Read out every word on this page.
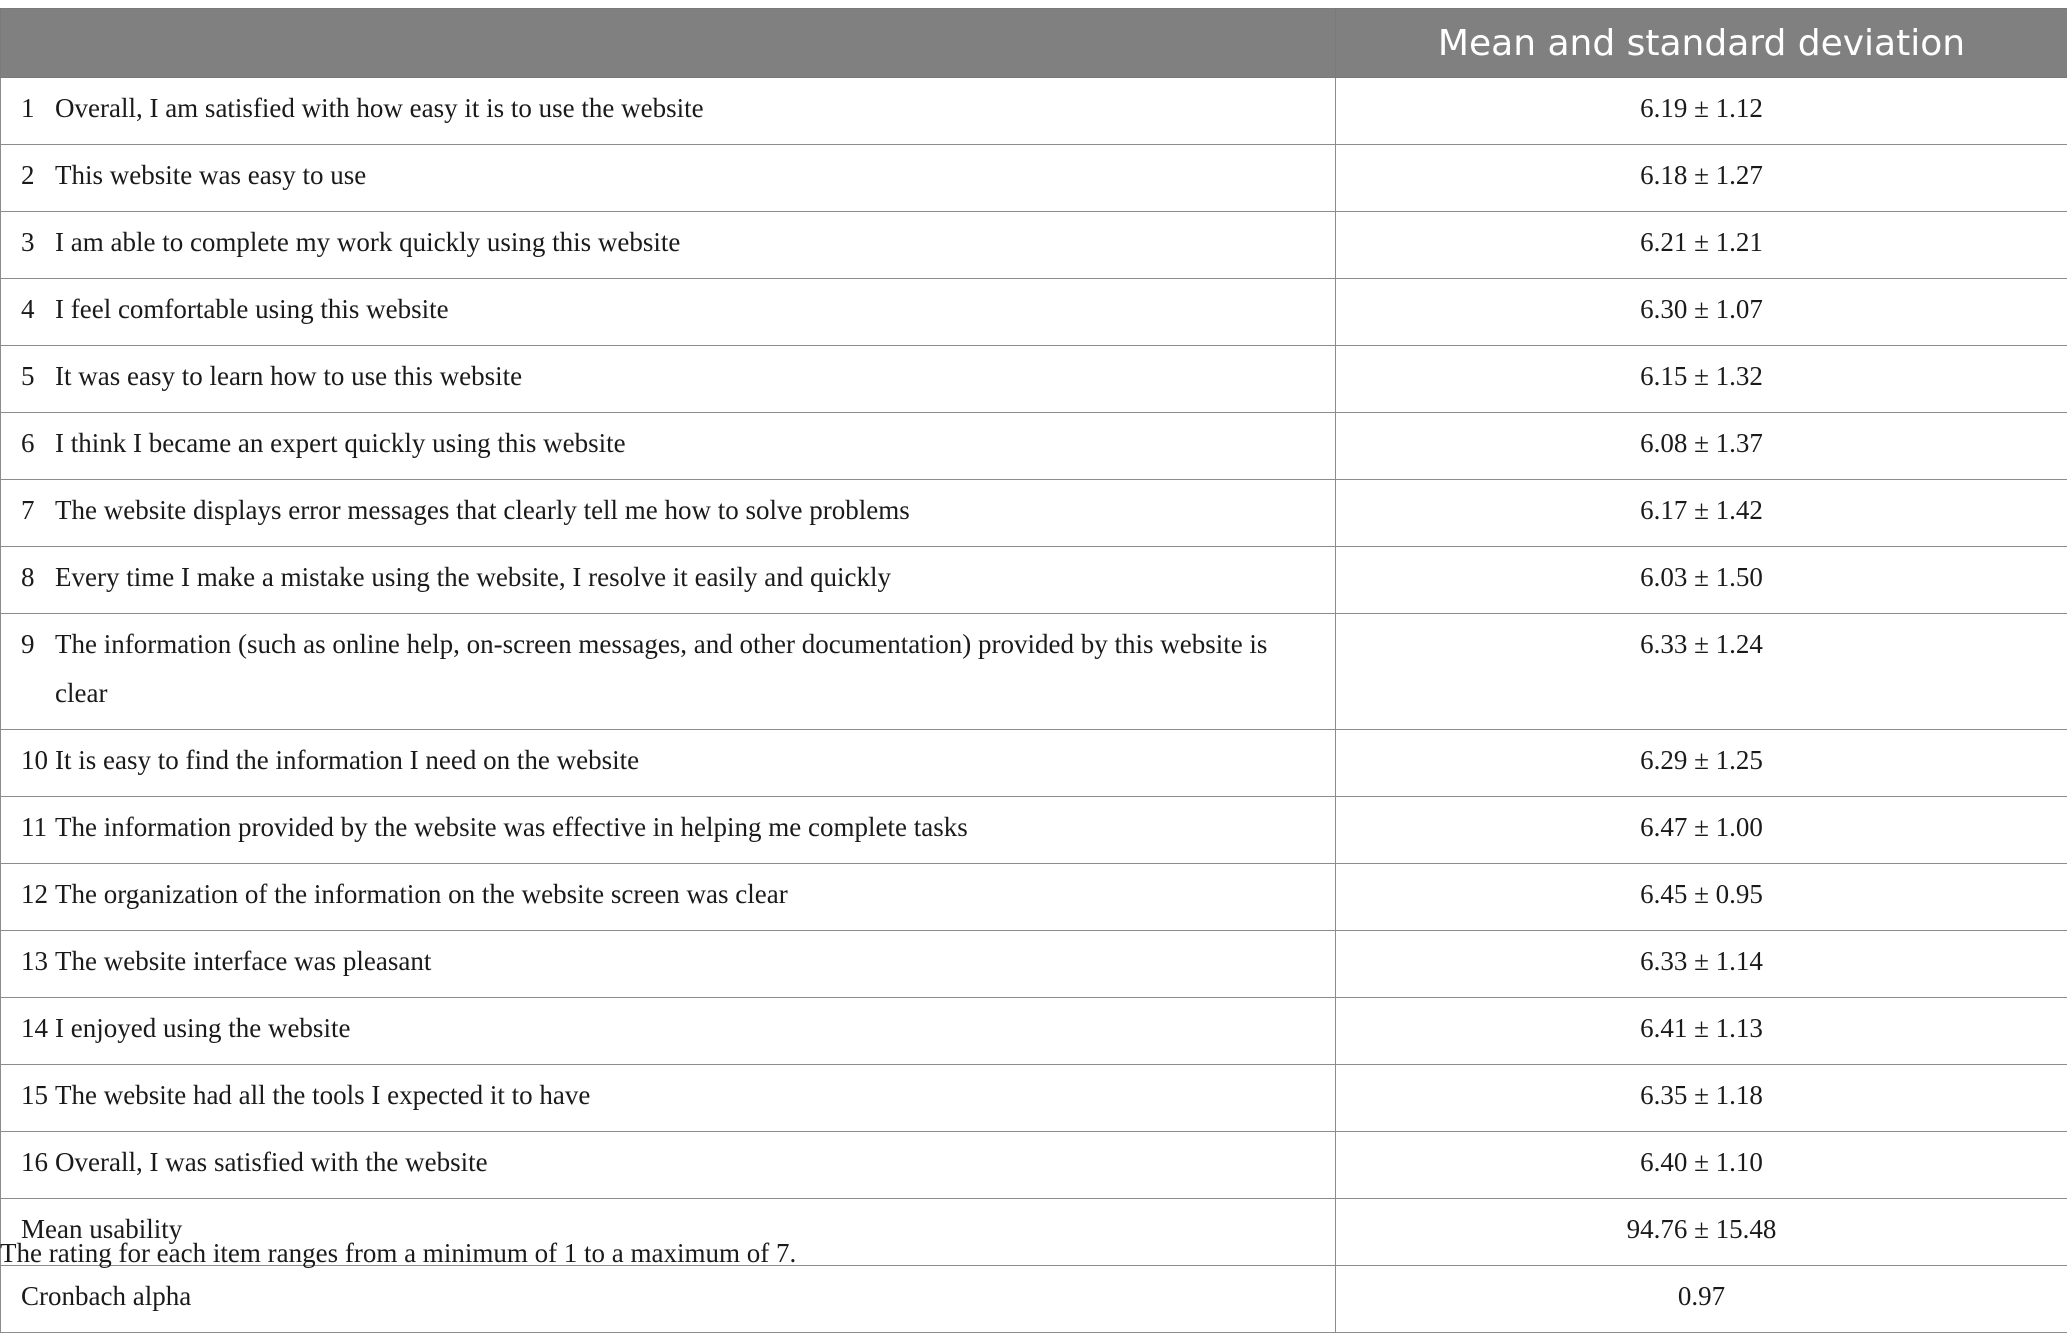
	Mean and standard deviation

1 Overall, I am satisfied with how easy it is to use the website	6.19 ± 1.12

2 This website was easy to use	6.18 ± 1.27

3 I am able to complete my work quickly using this website	6.21 ± 1.21

4 I feel comfortable using this website	6.30 ± 1.07

5 It was easy to learn how to use this website	6.15 ± 1.32

6 I think I became an expert quickly using this website	6.08 ± 1.37

7 The website displays error messages that clearly tell me how to solve problems	6.17 ± 1.42

8 Every time I make a mistake using the website, I resolve it easily and quickly	6.03 ± 1.50

9 The information (such as online help, on-screen messages, and other documentation) provided by this website is clear	6.33 ± 1.24

10 It is easy to find the information I need on the website	6.29 ± 1.25

11 The information provided by the website was effective in helping me complete tasks	6.47 ± 1.00

12 The organization of the information on the website screen was clear	6.45 ± 0.95

13 The website interface was pleasant	6.33 ± 1.14

14 I enjoyed using the website	6.41 ± 1.13

15 The website had all the tools I expected it to have	6.35 ± 1.18

16 Overall, I was satisfied with the website	6.40 ± 1.10
Mean usability	94.76 ± 15.48
Cronbach alpha	0.97
The rating for each item ranges from a minimum of 1 to a maximum of 7.
